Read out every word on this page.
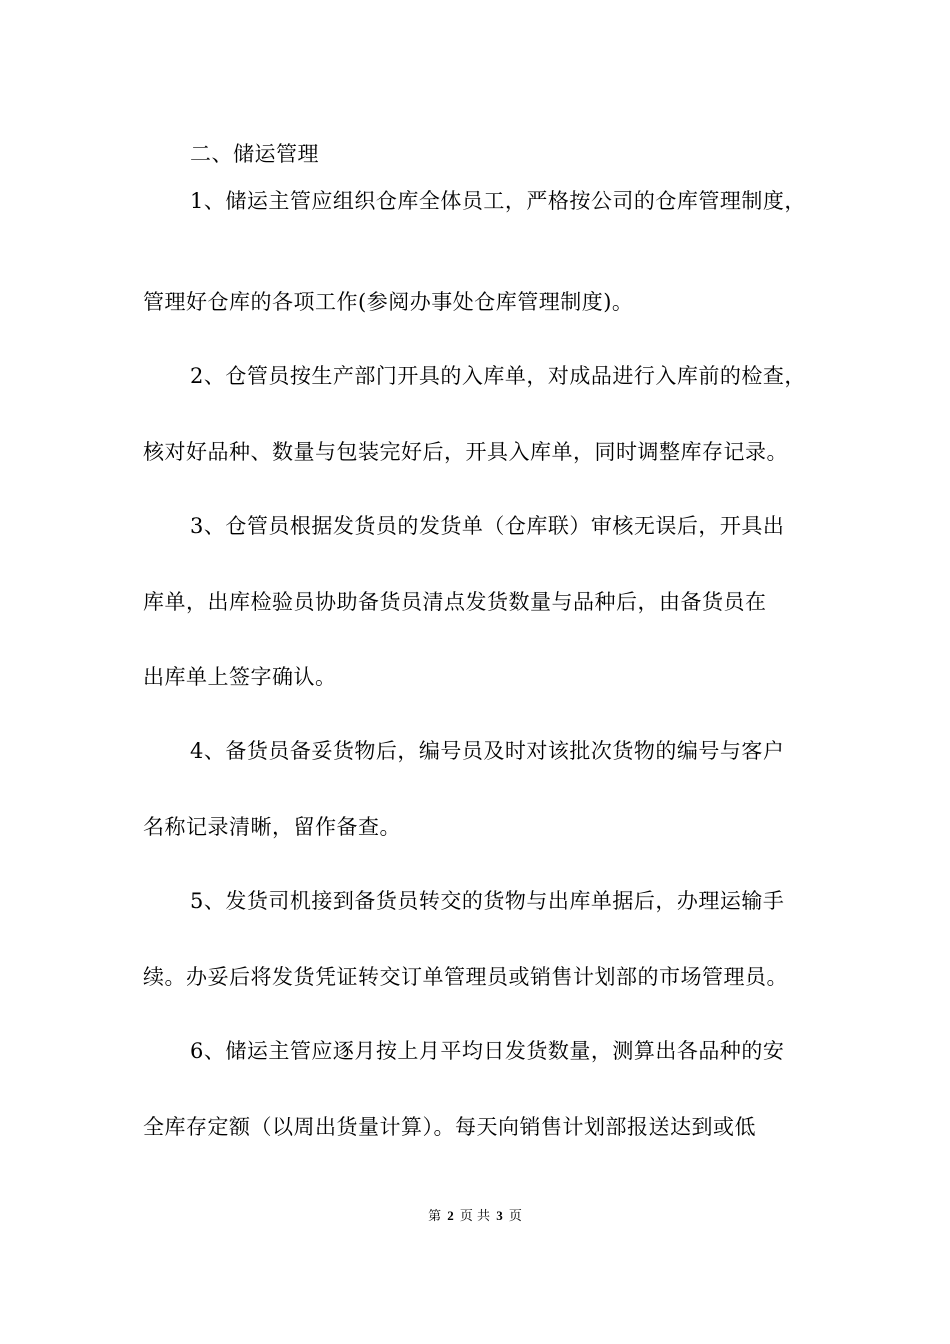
二、储运管理
1、储运主管应组织仓库全体员工，严格按公司的仓库管理制度，
管理好仓库的各项工作(参阅办事处仓库管理制度)。
2、仓管员按生产部门开具的入库单，对成品进行入库前的检查，
核对好品种、数量与包装完好后，开具入库单，同时调整库存记录。
3、仓管员根据发货员的发货单（仓库联）审核无误后，开具出
库单，出库检验员协助备货员清点发货数量与品种后，由备货员在
出库单上签字确认。
4、备货员备妥货物后，编号员及时对该批次货物的编号与客户
名称记录清晰，留作备查。
5、发货司机接到备货员转交的货物与出库单据后，办理运输手
续。办妥后将发货凭证转交订单管理员或销售计划部的市场管理员。
6、储运主管应逐月按上月平均日发货数量，测算出各品种的安
全库存定额（以周出货量计算）。每天向销售计划部报送达到或低
第 2 页 共 3 页
